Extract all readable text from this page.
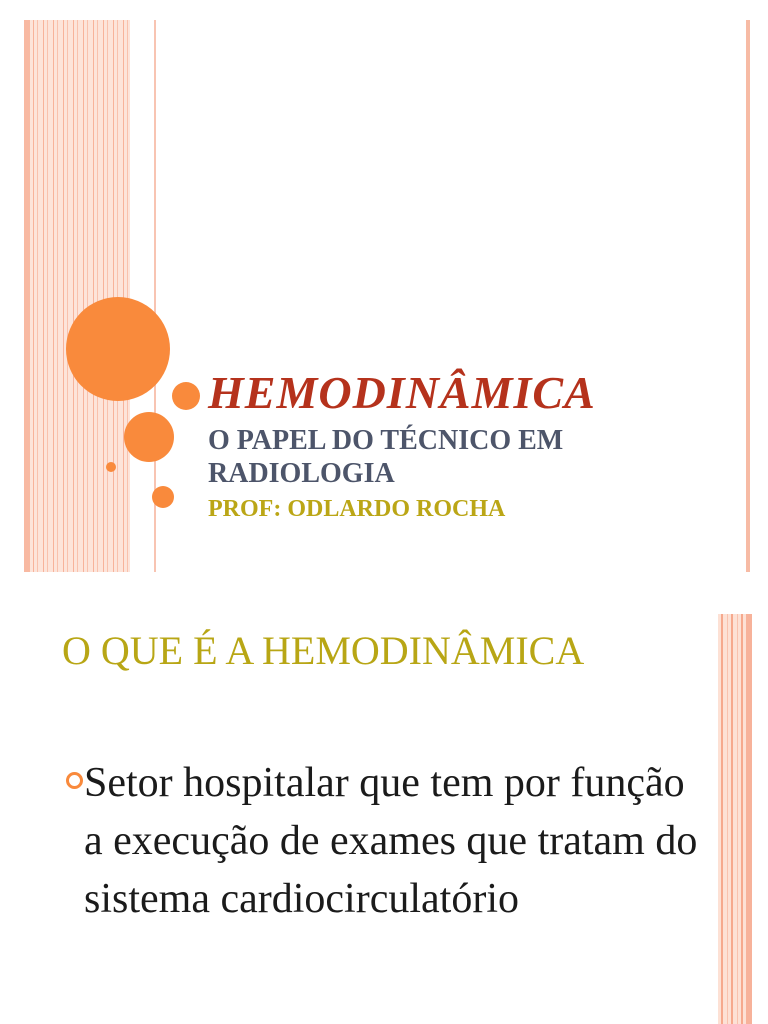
HEMODINÂMICA

O PAPEL DO TÉCNICO EM RADIOLOGIA

PROF: ODLARDO ROCHA

O QUE É A HEMODINÂMICA

Setor hospitalar que tem por função a execução de exames que tratam do sistema cardiocirculatório
